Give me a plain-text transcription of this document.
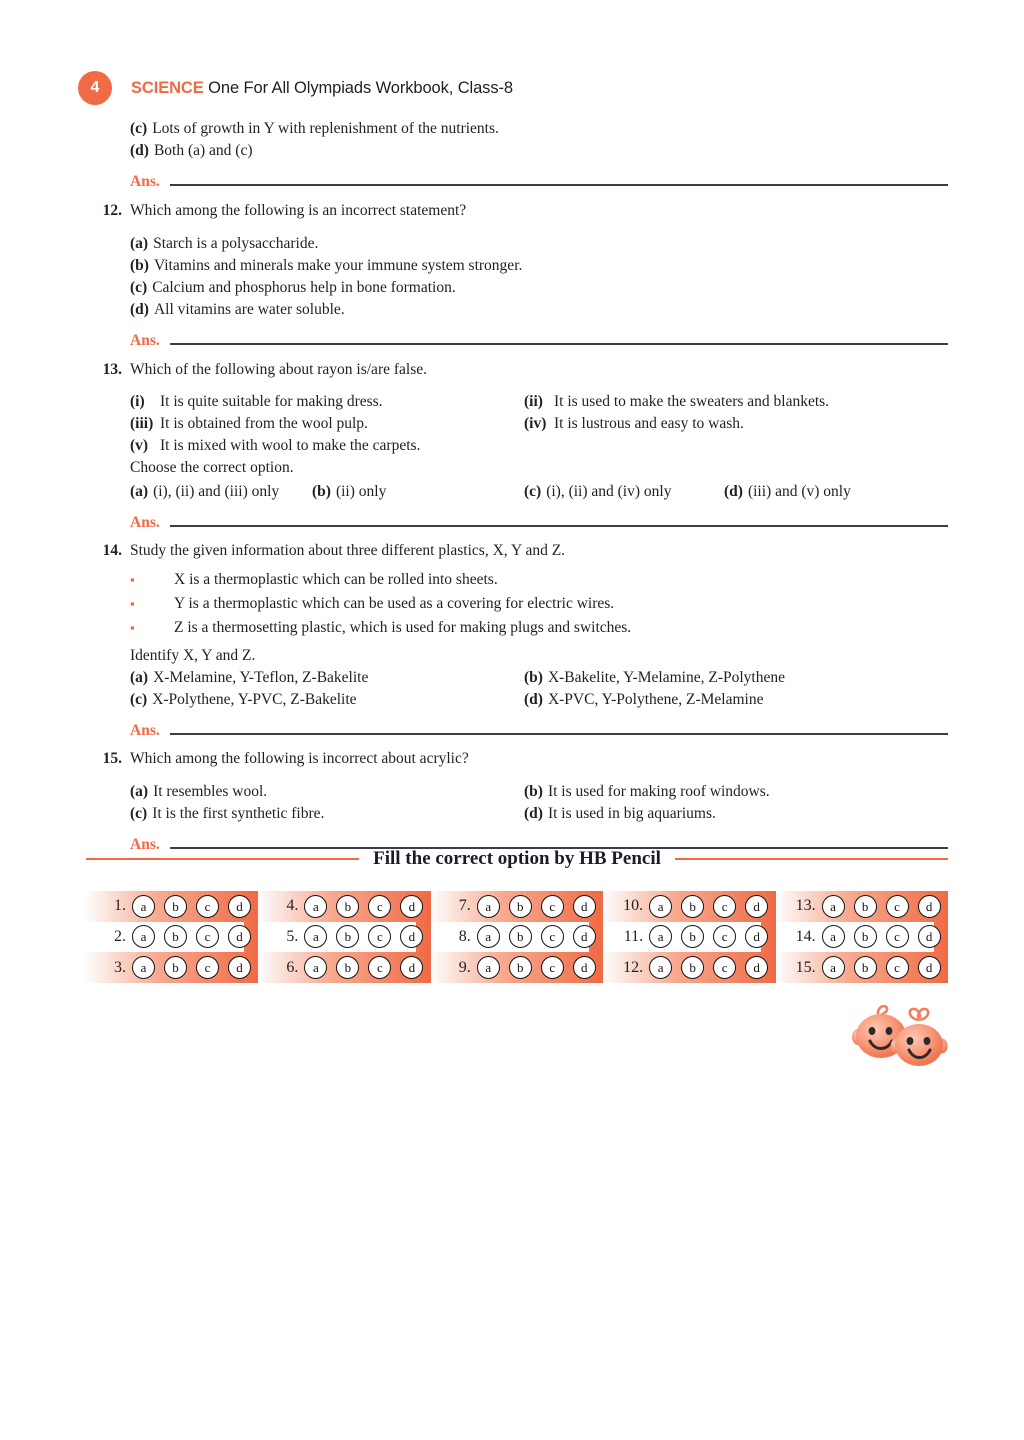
4	SCIENCE One For All Olympiads Workbook, Class-8
(c) Lots of growth in Y with replenishment of the nutrients.
(d) Both (a) and (c)
Ans.
12. Which among the following is an incorrect statement?
(a) Starch is a polysaccharide.
(b) Vitamins and minerals make your immune system stronger.
(c) Calcium and phosphorus help in bone formation.
(d) All vitamins are water soluble.
Ans.
13. Which of the following about rayon is/are false.
(i) It is quite suitable for making dress.	(ii) It is used to make the sweaters and blankets.
(iii) It is obtained from the wool pulp.	(iv) It is lustrous and easy to wash.
(v) It is mixed with wool to make the carpets.
Choose the correct option.
(a) (i), (ii) and (iii) only (b) (ii) only	(c) (i), (ii) and (iv) only	(d) (iii) and (v) only
Ans.
14. Study the given information about three different plastics, X, Y and Z.
▪	X is a thermoplastic which can be rolled into sheets.
▪	Y is a thermoplastic which can be used as a covering for electric wires.
▪	Z is a thermosetting plastic, which is used for making plugs and switches.
Identify X, Y and Z.
(a) X-Melamine, Y-Teflon, Z-Bakelite	(b) X-Bakelite, Y-Melamine, Z-Polythene
(c) X-Polythene, Y-PVC, Z-Bakelite	(d) X-PVC, Y-Polythene, Z-Melamine
Ans.
15. Which among the following is incorrect about acrylic?
(a) It resembles wool.	(b) It is used for making roof windows.
(c) It is the first synthetic fibre.	(d) It is used in big aquariums.
Ans.
Fill the correct option by HB Pencil
1.	a	b	c	d
2.	a	b	c	d
3.	a	b	c	d
4.	a	b	c	d
5.	a	b	c	d
6.	a	b	c	d
7.	a	b	c	d
8.	a	b	c	d
9.	a	b	c	d
10.	a	b	c	d
11.	a	b	c	d
12.	a	b	c	d
13.	a	b	c	d
14.	a	b	c	d
15.	a	b	c	d
